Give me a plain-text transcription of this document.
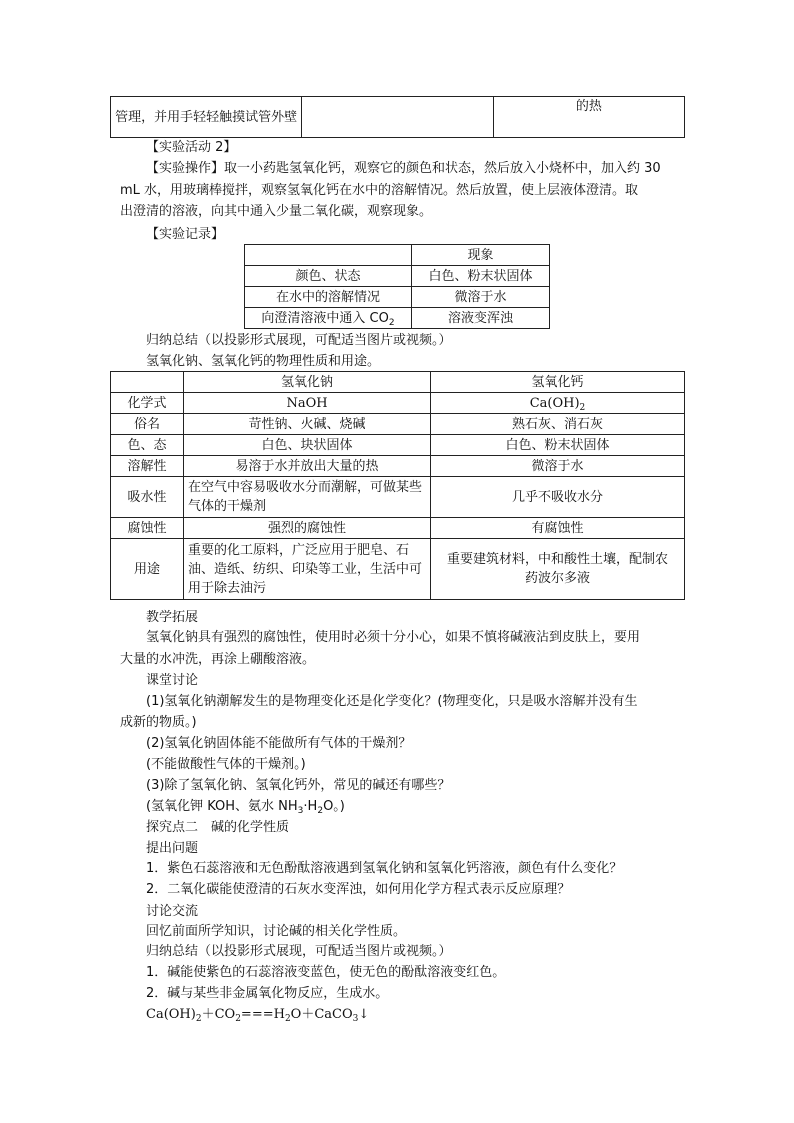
管理，并用手轻轻触摸试管外壁		的热
【实验活动 2】
【实验操作】取一小药匙氢氧化钙，观察它的颜色和状态，然后放入小烧杯中，加入约 30
mL 水，用玻璃棒搅拌，观察氢氧化钙在水中的溶解情况。然后放置，使上层液体澄清。取
出澄清的溶液，向其中通入少量二氧化碳，观察现象。
【实验记录】
	现象
颜色、状态	白色、粉末状固体
在水中的溶解情况	微溶于水
向澄清溶液中通入 $CO_2$	溶液变浑浊
归纳总结（以投影形式展现，可配适当图片或视频。）
氢氧化钠、氢氧化钙的物理性质和用途。
	氢氧化钠	氢氧化钙
化学式	NaOH	$Ca(OH)_2$
俗名	苛性钠、火碱、烧碱	熟石灰、消石灰
色、态	白色、块状固体	白色、粉末状固体
溶解性	易溶于水并放出大量的热	微溶于水
吸水性	在空气中容易吸收水分而潮解，可做某些气体的干燥剂	几乎不吸收水分
腐蚀性	强烈的腐蚀性	有腐蚀性
用途	重要的化工原料，广泛应用于肥皂、石油、造纸、纺织、印染等工业，生活中可用于除去油污	重要建筑材料，中和酸性土壤，配制农药波尔多液
教学拓展
氢氧化钠具有强烈的腐蚀性，使用时必须十分小心，如果不慎将碱液沾到皮肤上，要用
大量的水冲洗，再涂上硼酸溶液。
课堂讨论
(1)氢氧化钠潮解发生的是物理变化还是化学变化？(物理变化，只是吸水溶解并没有生
成新的物质。)
(2)氢氧化钠固体能不能做所有气体的干燥剂？
(不能做酸性气体的干燥剂。)
(3)除了氢氧化钠、氢氧化钙外，常见的碱还有哪些？
(氢氧化钾 KOH、氨水 $NH_3\cdot H_2O$。)
探究点二　碱的化学性质
提出问题
1．紫色石蕊溶液和无色酚酞溶液遇到氢氧化钠和氢氧化钙溶液，颜色有什么变化？
2．二氧化碳能使澄清的石灰水变浑浊，如何用化学方程式表示反应原理？
讨论交流
回忆前面所学知识，讨论碱的相关化学性质。
归纳总结（以投影形式展现，可配适当图片或视频。）
1．碱能使紫色的石蕊溶液变蓝色，使无色的酚酞溶液变红色。
2．碱与某些非金属氧化物反应，生成水。
$Ca(OH)_2+CO_2===H_2O+CaCO_3↓$
